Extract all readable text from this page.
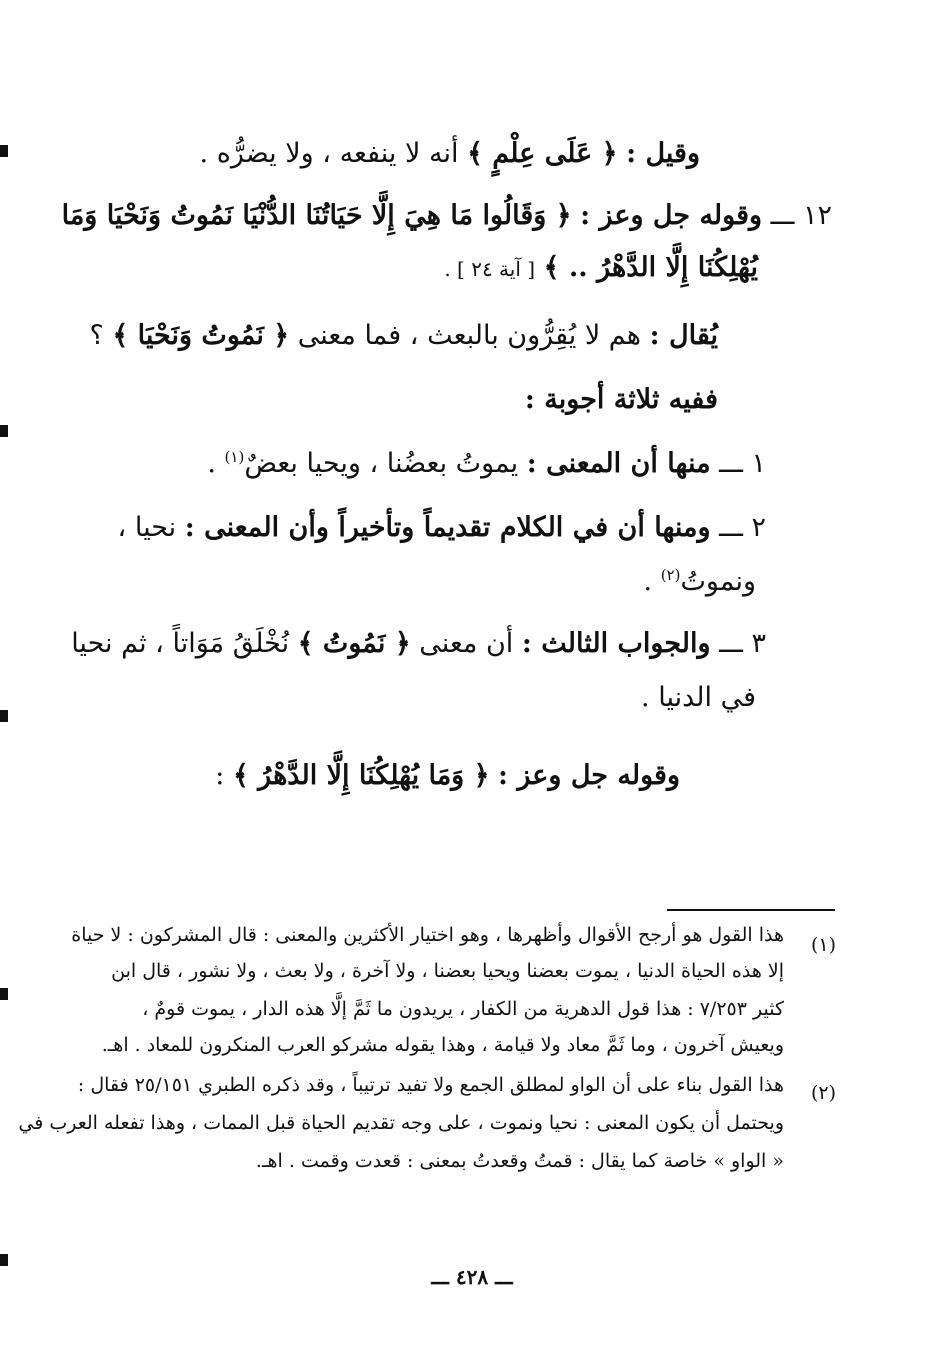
وقيل : ﴿ عَلَى عِلْمٍ ﴾ أنه لا ينفعه ، ولا يضرُّه .
١٢ ـــ وقوله جل وعز : ﴿ وَقَالُوا مَا هِيَ إِلَّا حَيَاتُنَا الدُّنْيَا نَمُوتُ وَنَحْيَا وَمَا
يُهْلِكُنَا إِلَّا الدَّهْرُ .. ﴾ [ آية ٢٤ ] .
يُقال : هم لا يُقِرُّون بالبعث ، فما معنى ﴿ نَمُوتُ وَنَحْيَا ﴾ ؟
ففيه ثلاثة أجوبة :
١ ـــ منها أن المعنى : يموتُ بعضُنا ، ويحيا بعضٌ$^{(١)}$ .
٢ ـــ ومنها أن في الكلام تقديماً وتأخيراً وأن المعنى : نحيا ،
ونموتُ$^{(٢)}$ .
٣ ـــ والجواب الثالث : أن معنى ﴿ نَمُوتُ ﴾ نُخْلَقُ مَوَاتاً ، ثم نحيا
في الدنيا .
وقوله جل وعز : ﴿ وَمَا يُهْلِكُنَا إِلَّا الدَّهْرُ ﴾ :
(١)
هذا القول هو أرجح الأقوال وأظهرها ، وهو اختيار الأكثرين والمعنى : قال المشركون : لا حياة
إلا هذه الحياة الدنيا ، يموت بعضنا ويحيا بعضنا ، ولا آخرة ، ولا بعث ، ولا نشور ، قال ابن
كثير ٧/٢٥٣ : هذا قول الدهرية من الكفار ، يريدون ما ثَمَّ إلَّا هذه الدار ، يموت قومٌ ،
ويعيش آخرون ، وما ثَمَّ معاد ولا قيامة ، وهذا يقوله مشركو العرب المنكرون للمعاد . اهـ.
(٢)
هذا القول بناء على أن الواو لمطلق الجمع ولا تفيد ترتيباً ، وقد ذكره الطبري ٢٥/١٥١ فقال :
ويحتمل أن يكون المعنى : نحيا ونموت ، على وجه تقديم الحياة قبل الممات ، وهذا تفعله العرب في
« الواو » خاصة كما يقال : قمتُ وقعدتُ بمعنى : قعدت وقمت . اهـ.
ـــ ٤٢٨ ـــ
